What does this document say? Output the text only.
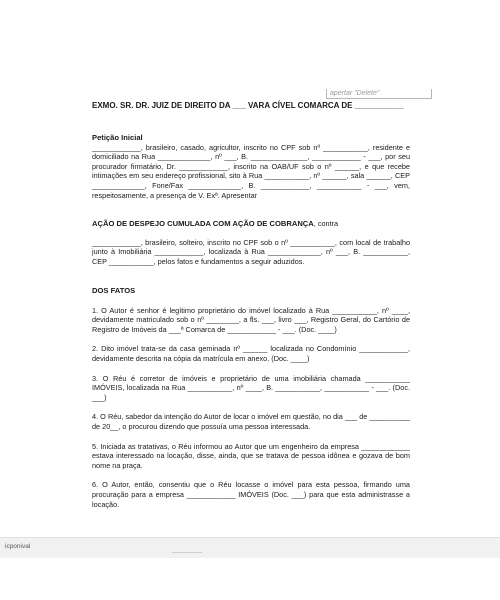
apertar "Delete"
EXMO. SR. DR. JUIZ DE DIREITO DA ___ VARA CÍVEL COMARCA DE ___________

Petição Inicial

____________, brasileiro, casado, agricultor, inscrito no CPF sob nº ___________, residente e domiciliado na Rua _____________, nº ___, B. ______________, ____________ - ___, por seu procurador firmatário, Dr. ____________, inscrito na OAB/UF sob o nº ______, e que recebe intimações em seu endereço profissional, sito à Rua ___________, nº ______, sala ______, CEP _____________, Fone/Fax _____________, B. ____________, ___________ - ___, vem, respeitosamente, a presença de V. Exª. Apresentar

AÇÃO DE DESPEJO CUMULADA COM AÇÃO DE COBRANÇA, contra

____________, brasileiro, solteiro, inscrito no CPF sob o nº ___________, com local de trabalho junto à Imobiliária ____________, localizada à Rua _____________, nº ___, B. ___________, CEP ___________, pelos fatos e fundamentos a seguir aduzidos.

DOS FATOS

1. O Autor é senhor é legítimo proprietário do imóvel localizado à Rua ___________, nº ____, devidamente matriculado sob o nº ________, a fls. ___, livro ___, Registro Geral, do Cartório de Registro de Imóveis da ___ª Comarca de ____________ - ___. (Doc. ____)

2. Dito imóvel trata-se da casa geminada nº ______ localizada no Condomínio ____________, devidamente descrita na cópia da matrícula em anexo. (Doc. ____)

3. O Réu é corretor de imóveis e proprietário de uma imobiliária chamada ___________ IMÓVEIS, localizada na Rua ___________, nº ____, B. ___________, ___________ - ___. (Doc. ___)

4. O Réu, sabedor da intenção do Autor de locar o imóvel em questão, no dia ___ de __________ de 20__, o procurou dizendo que possuía uma pessoa interessada.

5. Iniciada as tratativas, o Réu informou ao Autor que um engenheiro da empresa ____________ estava interessado na locação, disse, ainda, que se tratava de pessoa idônea e gozava de bom nome na praça.

6. O Autor, então, consentiu que o Réu locasse o imóvel para esta pessoa, firmando uma procuração para a empresa ____________ IMÓVEIS (Doc. ___) para que esta administrasse a locação.

icponival
